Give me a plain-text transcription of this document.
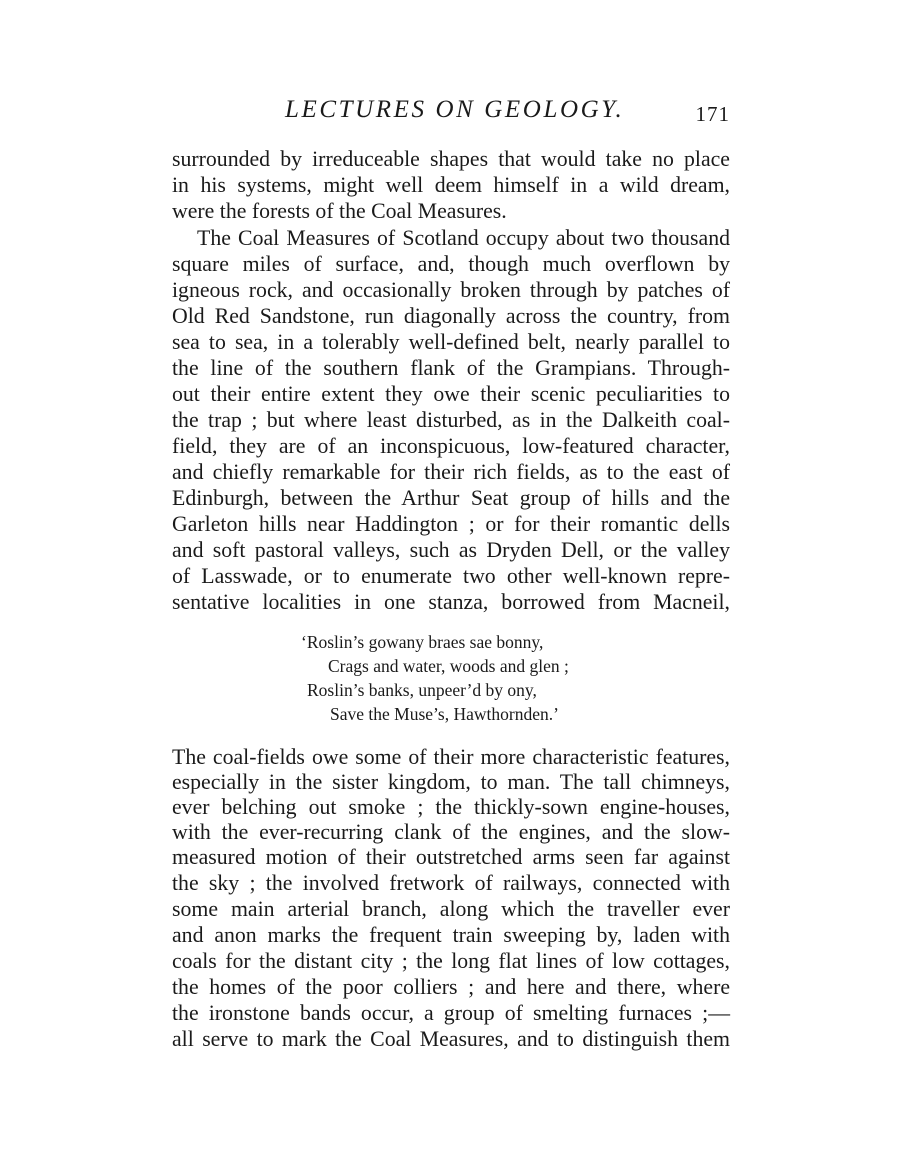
LECTURES ON GEOLOGY.	171
surrounded by irreduceable shapes that would take no place
in his systems, might well deem himself in a wild dream,
were the forests of the Coal Measures.
The Coal Measures of Scotland occupy about two thousand
square miles of surface, and, though much overflown by
igneous rock, and occasionally broken through by patches of
Old Red Sandstone, run diagonally across the country, from
sea to sea, in a tolerably well-defined belt, nearly parallel to
the line of the southern flank of the Grampians. Through-
out their entire extent they owe their scenic peculiarities to
the trap ; but where least disturbed, as in the Dalkeith coal-
field, they are of an inconspicuous, low-featured character,
and chiefly remarkable for their rich fields, as to the east of
Edinburgh, between the Arthur Seat group of hills and the
Garleton hills near Haddington ; or for their romantic dells
and soft pastoral valleys, such as Dryden Dell, or the valley
of Lasswade, or to enumerate two other well-known repre-
sentative localities in one stanza, borrowed from Macneil,
‘Roslin’s gowany braes sae bonny,
Crags and water, woods and glen ;
Roslin’s banks, unpeer’d by ony,
Save the Muse’s, Hawthornden.’
The coal-fields owe some of their more characteristic features,
especially in the sister kingdom, to man. The tall chimneys,
ever belching out smoke ; the thickly-sown engine-houses,
with the ever-recurring clank of the engines, and the slow-
measured motion of their outstretched arms seen far against
the sky ; the involved fretwork of railways, connected with
some main arterial branch, along which the traveller ever
and anon marks the frequent train sweeping by, laden with
coals for the distant city ; the long flat lines of low cottages,
the homes of the poor colliers ; and here and there, where
the ironstone bands occur, a group of smelting furnaces ;—
all serve to mark the Coal Measures, and to distinguish them
